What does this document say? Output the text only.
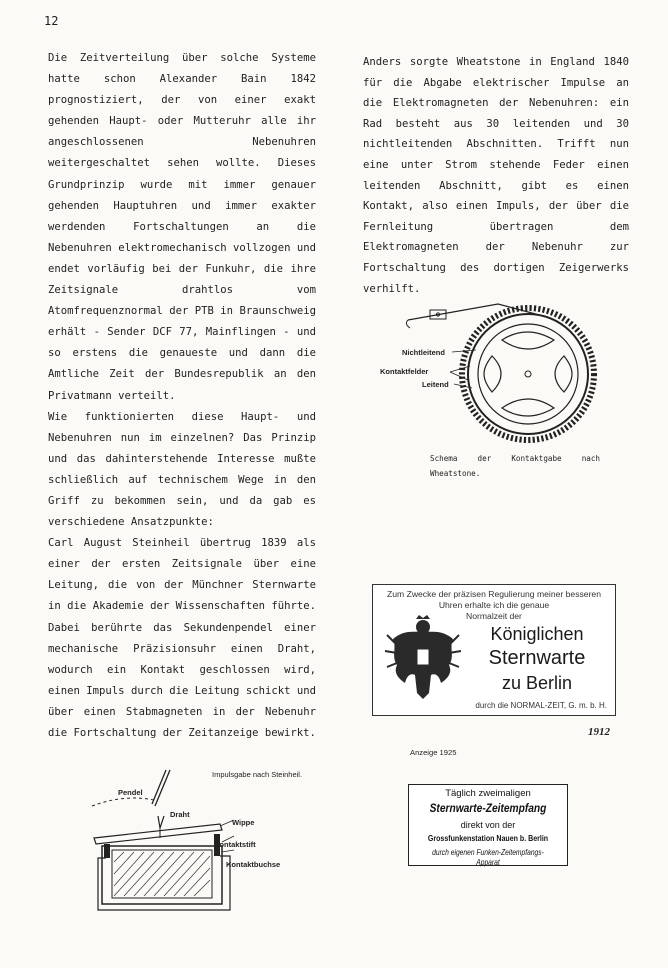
12

Die Zeitverteilung über solche Systeme hatte schon Alexander Bain 1842 prognostiziert, der von einer exakt gehenden Haupt- oder Mutteruhr alle ihr angeschlossenen Nebenuhren weitergeschaltet sehen wollte. Dieses Grundprinzip wurde mit immer genauer gehenden Hauptuhren und immer exakter werdenden Fortschaltungen an die Nebenuhren elektromechanisch vollzogen und endet vorläufig bei der Funkuhr, die ihre Zeitsignale drahtlos vom Atomfrequenznormal der PTB in Braunschweig erhält - Sender DCF 77, Mainflingen - und so erstens die genaueste und dann die Amtliche Zeit der Bundesrepublik an den Privatmann verteilt.

Wie funktionierten diese Haupt- und Nebenuhren nun im einzelnen? Das Prinzip und das dahinterstehende Interesse mußte schließlich auf technischem Wege in den Griff zu bekommen sein, und da gab es verschiedene Ansatzpunkte:

Carl August Steinheil übertrug 1839 als einer der ersten Zeitsignale über eine Leitung, die von der Münchner Sternwarte in die Akademie der Wissenschaften führte. Dabei berührte das Sekundenpendel einer mechanische Präzisionsuhr einen Draht, wodurch ein Kontakt geschlossen wird, einen Impuls durch die Leitung schickt und über einen Stabmagneten in der Nebenuhr die Fortschaltung der Zeitanzeige bewirkt.

Anders sorgte Wheatstone in England 1840 für die Abgabe elektrischer Impulse an die Elektromagneten der Nebenuhren: ein Rad besteht aus 30 leitenden und 30 nichtleitenden Abschnitten. Trifft nun eine unter Strom stehende Feder einen leitenden Abschnitt, gibt es einen Kontakt, also einen Impuls, der über die Fernleitung übertragen dem Elektromagneten der Nebenuhr zur Fortschaltung des dortigen Zeigerwerks verhilft.

Nichtleitend
Kontaktfelder
Leitend
Schema der Kontaktgabe nach
Wheatstone.
Zum Zwecke der präzisen Regulierung meiner besseren
Uhren erhalte ich die genaue
Normalzeit der
Königlichen
Sternwarte
zu Berlin
durch die NORMAL-ZEIT, G. m. b. H.
1912
Anzeige 1925
Täglich zweimaligen
Sternwarte-Zeitempfang
direkt von der
Grossfunkenstation Nauen b. Berlin
durch eigenen Funken-Zeitempfangs-Apparat
Impulsgabe nach Steinheil.
Pendel
Draht
Wippe
Kontaktstift
Kontaktbuchse
